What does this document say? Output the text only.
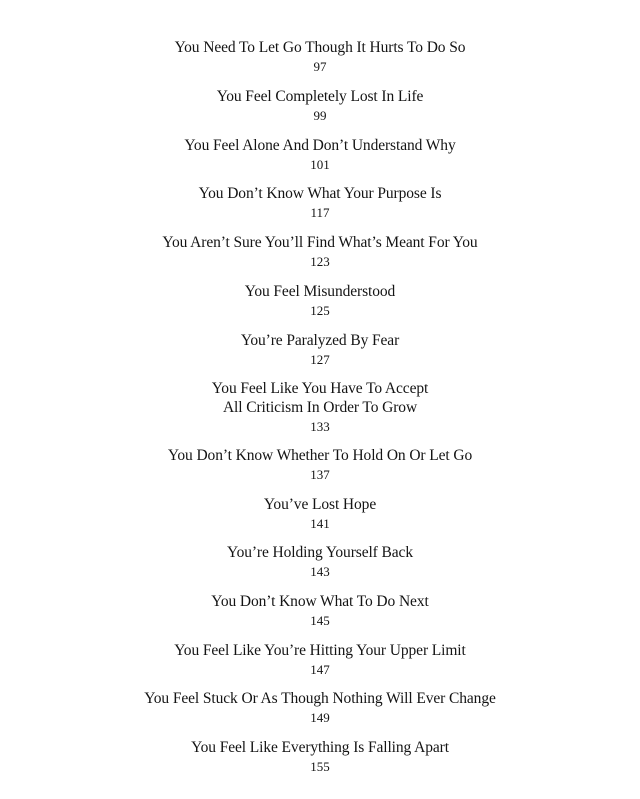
You Need To Let Go Though It Hurts To Do So
97
You Feel Completely Lost In Life
99
You Feel Alone And Don’t Understand Why
101
You Don’t Know What Your Purpose Is
117
You Aren’t Sure You’ll Find What’s Meant For You
123
You Feel Misunderstood
125
You’re Paralyzed By Fear
127
You Feel Like You Have To Accept
All Criticism In Order To Grow
133
You Don’t Know Whether To Hold On Or Let Go
137
You’ve Lost Hope
141
You’re Holding Yourself Back
143
You Don’t Know What To Do Next
145
You Feel Like You’re Hitting Your Upper Limit
147
You Feel Stuck Or As Though Nothing Will Ever Change
149
You Feel Like Everything Is Falling Apart
155
